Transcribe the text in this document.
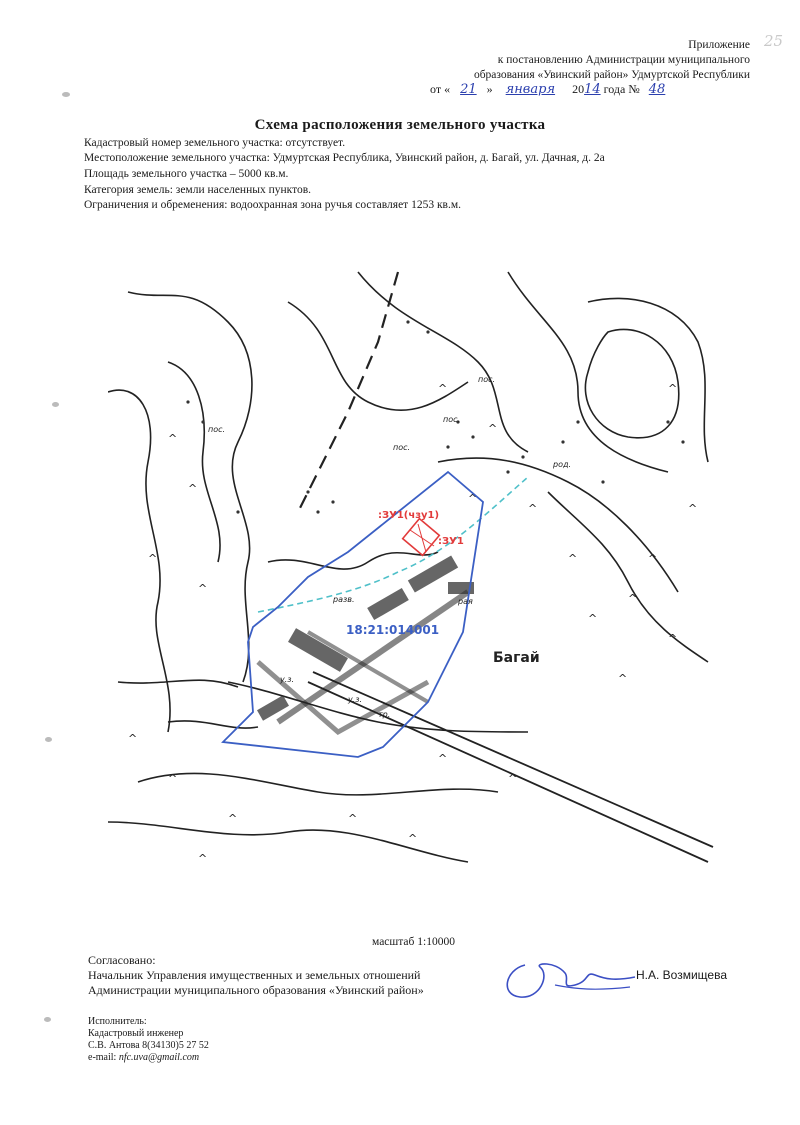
Приложение
к постановлению Администрации муниципального
образования «Увинский район» Удмуртской Республики
от « 21 » января 2014 года № 48
25
Схема расположения земельного участка
Кадастровый номер земельного участка: отсутствует.
Местоположение земельного участка: Удмуртская Республика, Увинский район, д. Багай, ул. Дачная, д. 2а
Площадь земельного участка – 5000 кв.м.
Категория земель: земли населенных пунктов.
Ограничения и обременения: водоохранная зона ручья составляет 1253 кв.м.
^
^
^
^
^
^
^
^
^
^
^
^
^
^	^
^
^
^	^
^
^
^
^
^
:ЗУ1(чзу1)
:ЗУ1
18:21:014001
Багай
пос.
пос.
пос.
пос.
род.
разв.
у.з.
у.з.
тр.
рая
масштаб 1:10000
Согласовано:
Начальник Управления имущественных и земельных отношений
Администрации муниципального образования «Увинский район»
Н.А. Возмищева
Исполнитель:
Кадастровый инженер
С.В. Антова 8(34130)5 27 52
e-mail: nfc.uva@gmail.com
